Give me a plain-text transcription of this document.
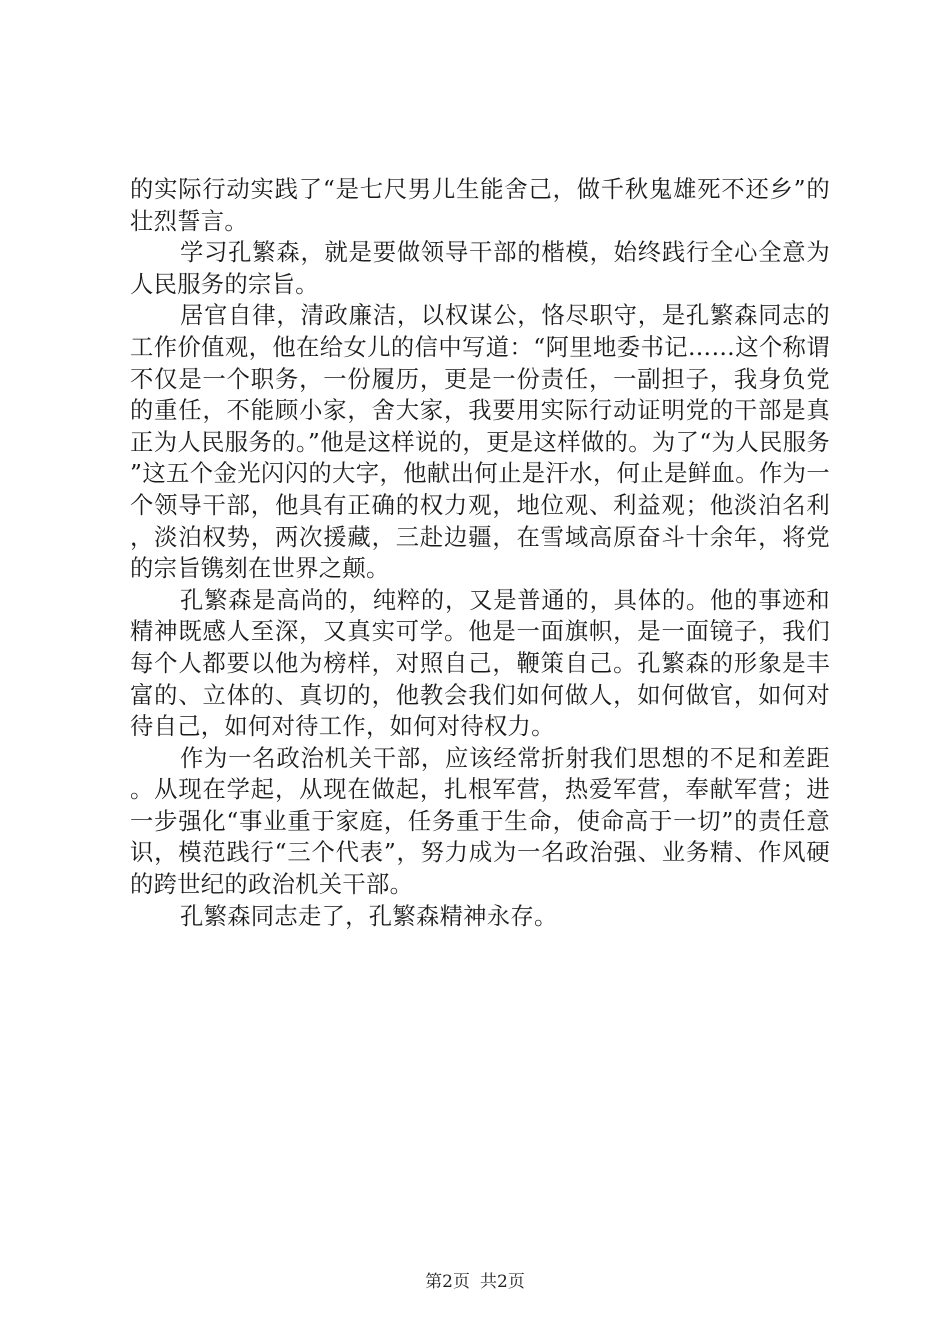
的实际行动实践了“是七尺男儿生能舍己，做千秋鬼雄死不还乡”的壮烈誓言。

学习孔繁森，就是要做领导干部的楷模，始终践行全心全意为人民服务的宗旨。

居官自律，清政廉洁，以权谋公，恪尽职守，是孔繁森同志的工作价值观，他在给女儿的信中写道：“阿里地委书记……这个称谓不仅是一个职务，一份履历，更是一份责任，一副担子，我身负党的重任，不能顾小家，舍大家，我要用实际行动证明党的干部是真正为人民服务的。”他是这样说的，更是这样做的。为了“为人民服务”这五个金光闪闪的大字，他献出何止是汗水，何止是鲜血。作为一个领导干部，他具有正确的权力观，地位观、利益观；他淡泊名利，淡泊权势，两次援藏，三赴边疆，在雪域高原奋斗十余年，将党的宗旨镌刻在世界之颠。

孔繁森是高尚的，纯粹的，又是普通的，具体的。他的事迹和精神既感人至深，又真实可学。他是一面旗帜，是一面镜子，我们每个人都要以他为榜样，对照自己，鞭策自己。孔繁森的形象是丰富的、立体的、真切的，他教会我们如何做人，如何做官，如何对待自己，如何对待工作，如何对待权力。

作为一名政治机关干部，应该经常折射我们思想的不足和差距。从现在学起，从现在做起，扎根军营，热爱军营，奉献军营；进一步强化“事业重于家庭，任务重于生命，使命高于一切”的责任意识，模范践行“三个代表”，努力成为一名政治强、业务精、作风硬的跨世纪的政治机关干部。

孔繁森同志走了，孔繁森精神永存。

第2页 共2页
